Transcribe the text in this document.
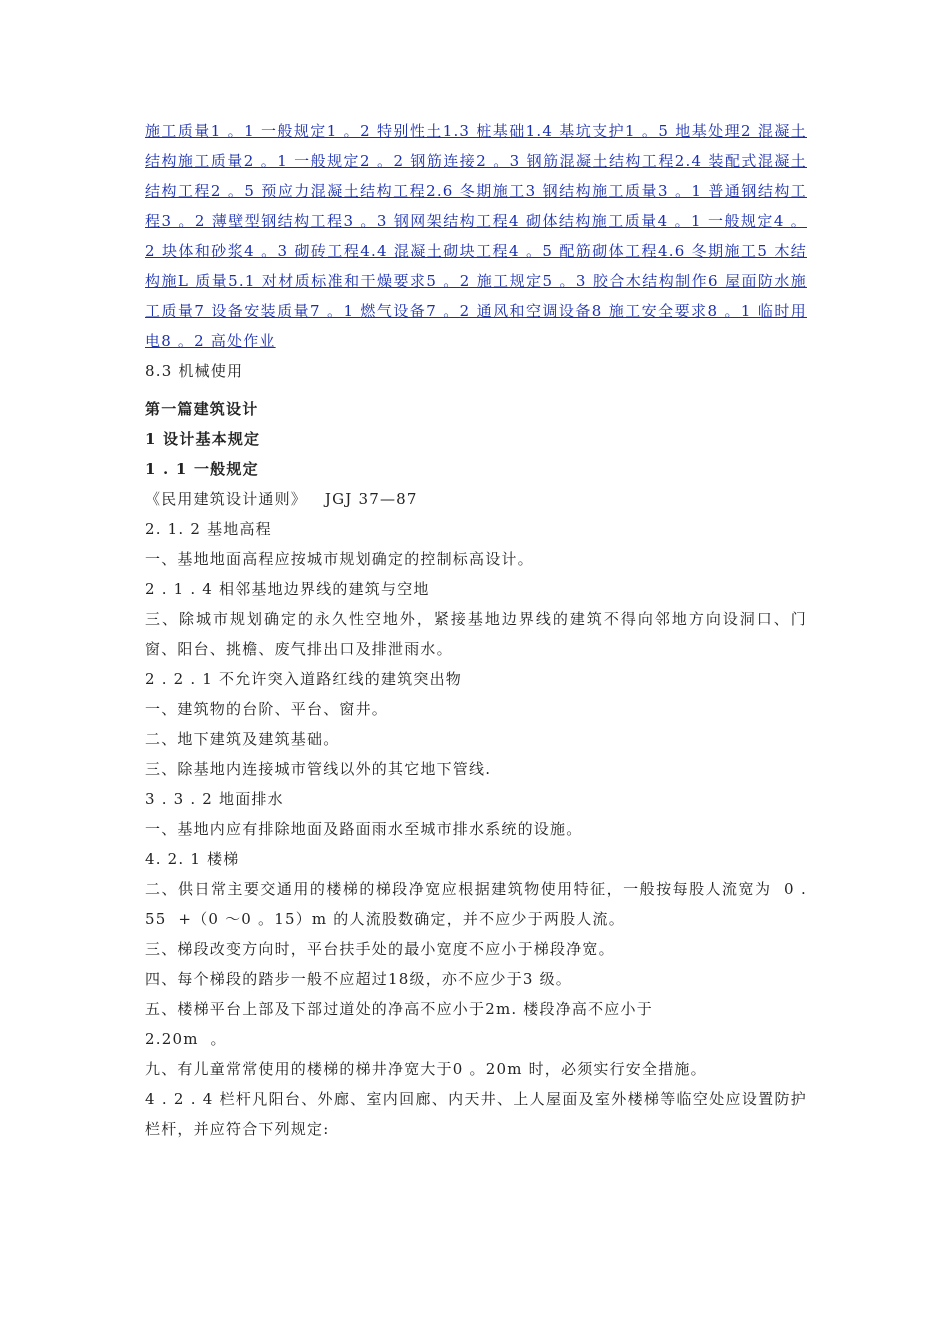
施工质量1 。1 一般规定1 。2 特别性土1.3 桩基础1.4 基坑支护1 。5 地基处理2 混凝土结构施工质量2 。1 一般规定2 。2 钢筋连接2 。3 钢筋混凝土结构工程2.4 装配式混凝土结构工程2 。5 预应力混凝土结构工程2.6 冬期施工3 钢结构施工质量3 。1 普通钢结构工程3 。2 薄壁型钢结构工程3 。3 钢网架结构工程4 砌体结构施工质量4 。1 一般规定4 。2 块体和砂浆4 。3 砌砖工程4.4 混凝土砌块工程4 。5 配筋砌体工程4.6 冬期施工5 木结构施L 质量5.1 对材质标准和干燥要求5 。2 施工规定5 。3 胶合木结构制作6 屋面防水施工质量7 设备安装质量7 。1 燃气设备7 。2 通风和空调设备8 施工安全要求8 。1 临时用电8 。2 高处作业

8.3 机械使用

第一篇建筑设计

1 设计基本规定

1 . 1 一般规定

《民用建筑设计通则》   JGJ 37—87

2. 1. 2 基地高程

一、基地地面高程应按城市规划确定的控制标高设计。

2 . 1 . 4 相邻基地边界线的建筑与空地

三、除城市规划确定的永久性空地外，紧接基地边界线的建筑不得向邻地方向设洞口、门窗、阳台、挑檐、废气排出口及排泄雨水。

2 . 2 . 1 不允许突入道路红线的建筑突出物

一、建筑物的台阶、平台、窗井。

二、地下建筑及建筑基础。

三、除基地内连接城市管线以外的其它地下管线.

3 . 3 . 2 地面排水

一、基地内应有排除地面及路面雨水至城市排水系统的设施。

4. 2. 1 楼梯

二、供日常主要交通用的楼梯的梯段净宽应根据建筑物使用特征，一般按每股人流宽为  0 . 55  +（0 ～0 。15）m 的人流股数确定，并不应少于两股人流。

三、梯段改变方向时，平台扶手处的最小宽度不应小于梯段净宽。

四、每个梯段的踏步一般不应超过18级，亦不应少于3 级。

五、楼梯平台上部及下部过道处的净高不应小于2m. 楼段净高不应小于

2.20m  。

九、有儿童常常使用的楼梯的梯井净宽大于0 。20m 时，必须实行安全措施。

4 . 2 . 4 栏杆凡阳台、外廊、室内回廊、内天井、上人屋面及室外楼梯等临空处应设置防护栏杆，并应符合下列规定:
